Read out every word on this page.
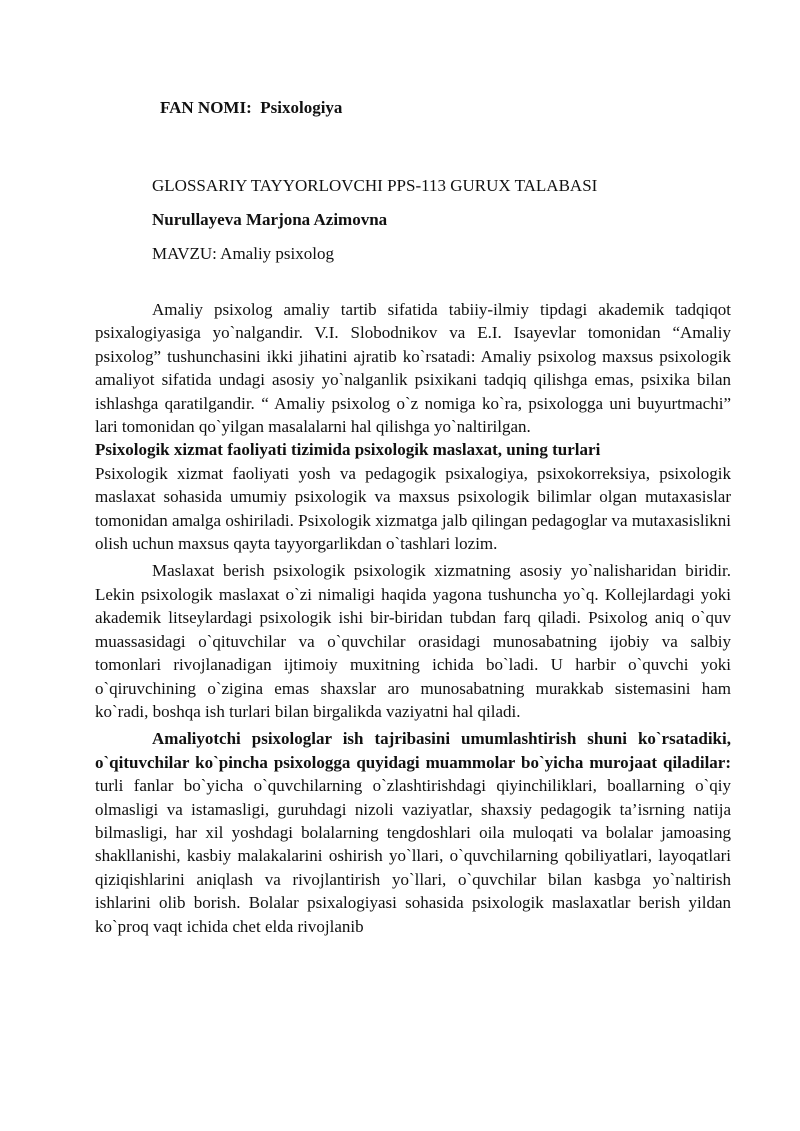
FAN NOMI: Psixologiya
GLOSSARIY TAYYORLOVCHI PPS-113 GURUX TALABASI
Nurullayeva Marjona Azimovna
MAVZU: Amaliy psixolog

Amaliy psixolog amaliy tartib sifatida tabiiy-ilmiy tipdagi akademik tadqiqot psixalogiyasiga yo`nalgandir. V.I. Slobodnikov va E.I. Isayevlar tomonidan “Amaliy psixolog” tushunchasini ikki jihatini ajratib ko`rsatadi: Amaliy psixolog maxsus psixologik amaliyot sifatida undagi asosiy yo`nalganlik psixikani tadqiq qilishga emas, psixika bilan ishlashga qaratilgandir. “ Amaliy psixolog o`z nomiga ko`ra, psixologga uni buyurtmachi” lari tomonidan qo`yilgan masalalarni hal qilishga yo`naltirilgan.

Psixologik xizmat faoliyati tizimida psixologik maslaxat, uning turlari

Psixologik xizmat faoliyati yosh va pedagogik psixalogiya, psixokorreksiya, psixologik maslaxat sohasida umumiy psixologik va maxsus psixologik bilimlar olgan mutaxasislar tomonidan amalga oshiriladi. Psixologik xizmatga jalb qilingan pedagoglar va mutaxasislikni olish uchun maxsus qayta tayyorgarlikdan o`tashlari lozim.

Maslaxat berish psixologik psixologik xizmatning asosiy yo`nalisharidan biridir. Lekin psixologik maslaxat o`zi nimaligi haqida yagona tushuncha yo`q. Kollejlardagi yoki akademik litseylardagi psixologik ishi bir-biridan tubdan farq qiladi. Psixolog aniq o`quv muassasidagi o`qituvchilar va o`quvchilar orasidagi munosabatning ijobiy va salbiy tomonlari rivojlanadigan ijtimoiy muxitning ichida bo`ladi. U harbir o`quvchi yoki o`qiruvchining o`zigina emas shaxslar aro munosabatning murakkab sistemasini ham ko`radi, boshqa ish turlari bilan birgalikda vaziyatni hal qiladi.

Amaliyotchi psixologlar ish tajribasini umumlashtirish shuni ko`rsatadiki, o`qituvchilar ko`pincha psixologga quyidagi muammolar bo`yicha murojaat qiladilar: turli fanlar bo`yicha o`quvchilarning o`zlashtirishdagi qiyinchiliklari, boallarning o`qiy olmasligi va istamasligi, guruhdagi nizoli vaziyatlar, shaxsiy pedagogik ta’isrning natija bilmasligi, har xil yoshdagi bolalarning tengdoshlari oila muloqati va bolalar jamoasing shakllanishi, kasbiy malakalarini oshirish yo`llari, o`quvchilarning qobiliyatlari, layoqatlari qiziqishlarini aniqlash va rivojlantirish yo`llari, o`quvchilar bilan kasbga yo`naltirish ishlarini olib borish. Bolalar psixalogiyasi sohasida psixologik maslaxatlar berish yildan ko`proq vaqt ichida chet elda rivojlanib
